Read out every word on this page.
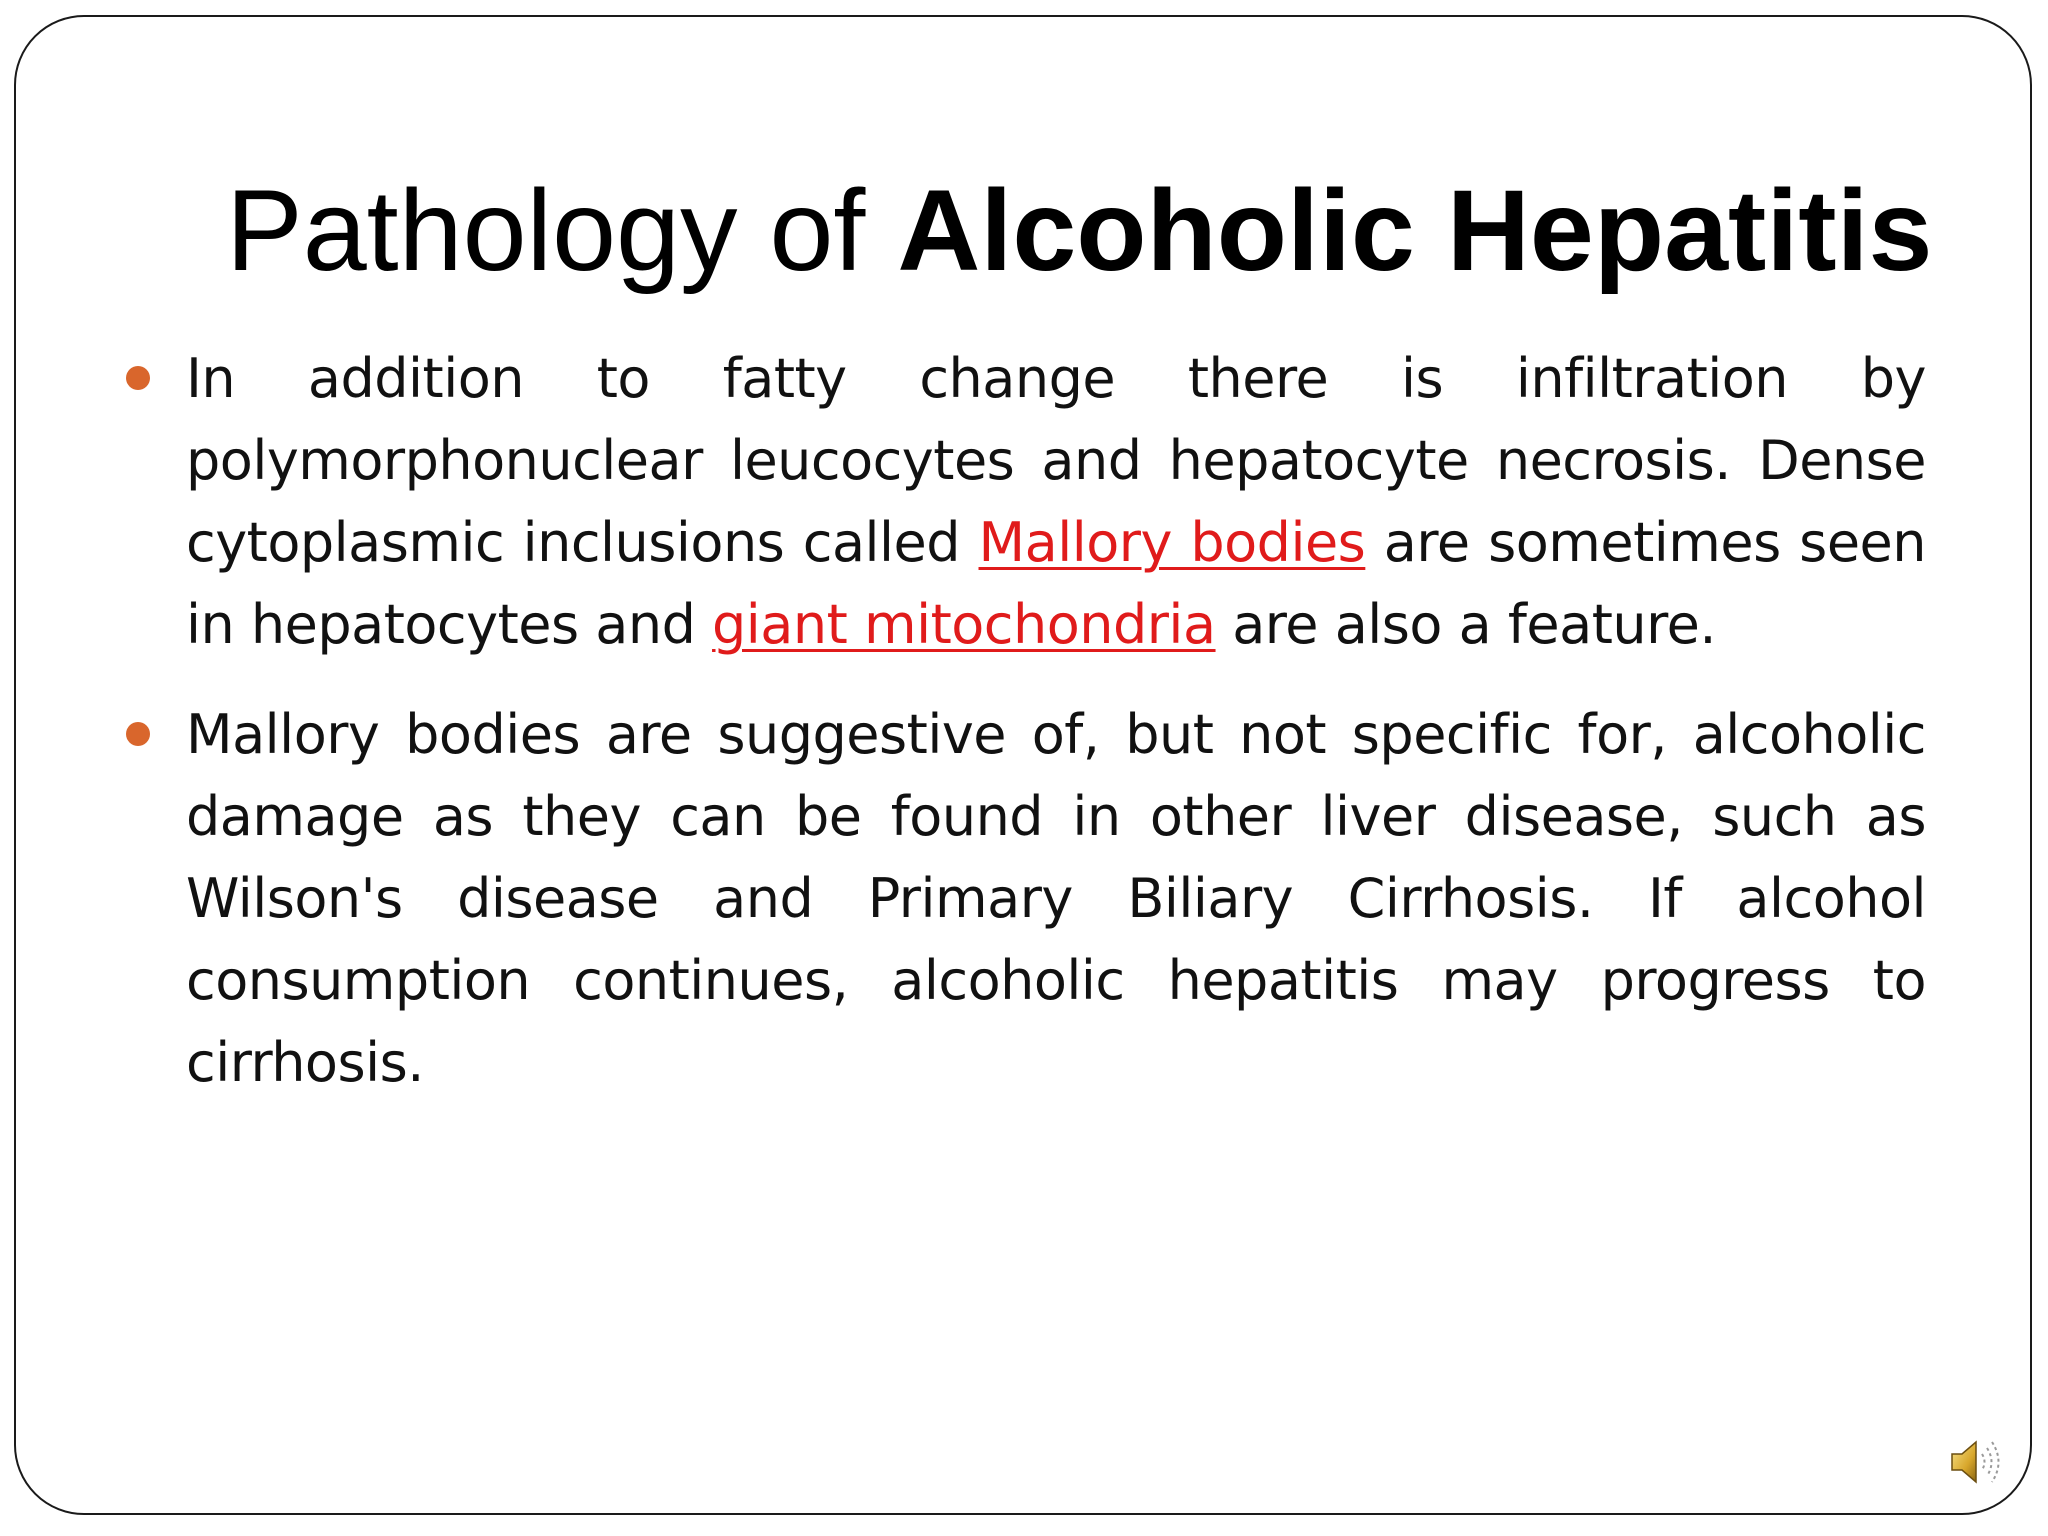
Pathology of Alcoholic Hepatitis
In addition to fatty change there is infiltration by polymorphonuclear leucocytes and hepatocyte necrosis. Dense cytoplasmic inclusions called Mallory bodies are sometimes seen in hepatocytes and giant mitochondria are also a feature.
Mallory bodies are suggestive of, but not specific for, alcoholic damage as they can be found in other liver disease, such as Wilson's disease and Primary Biliary Cirrhosis. If alcohol consumption continues, alcoholic hepatitis may progress to cirrhosis.
